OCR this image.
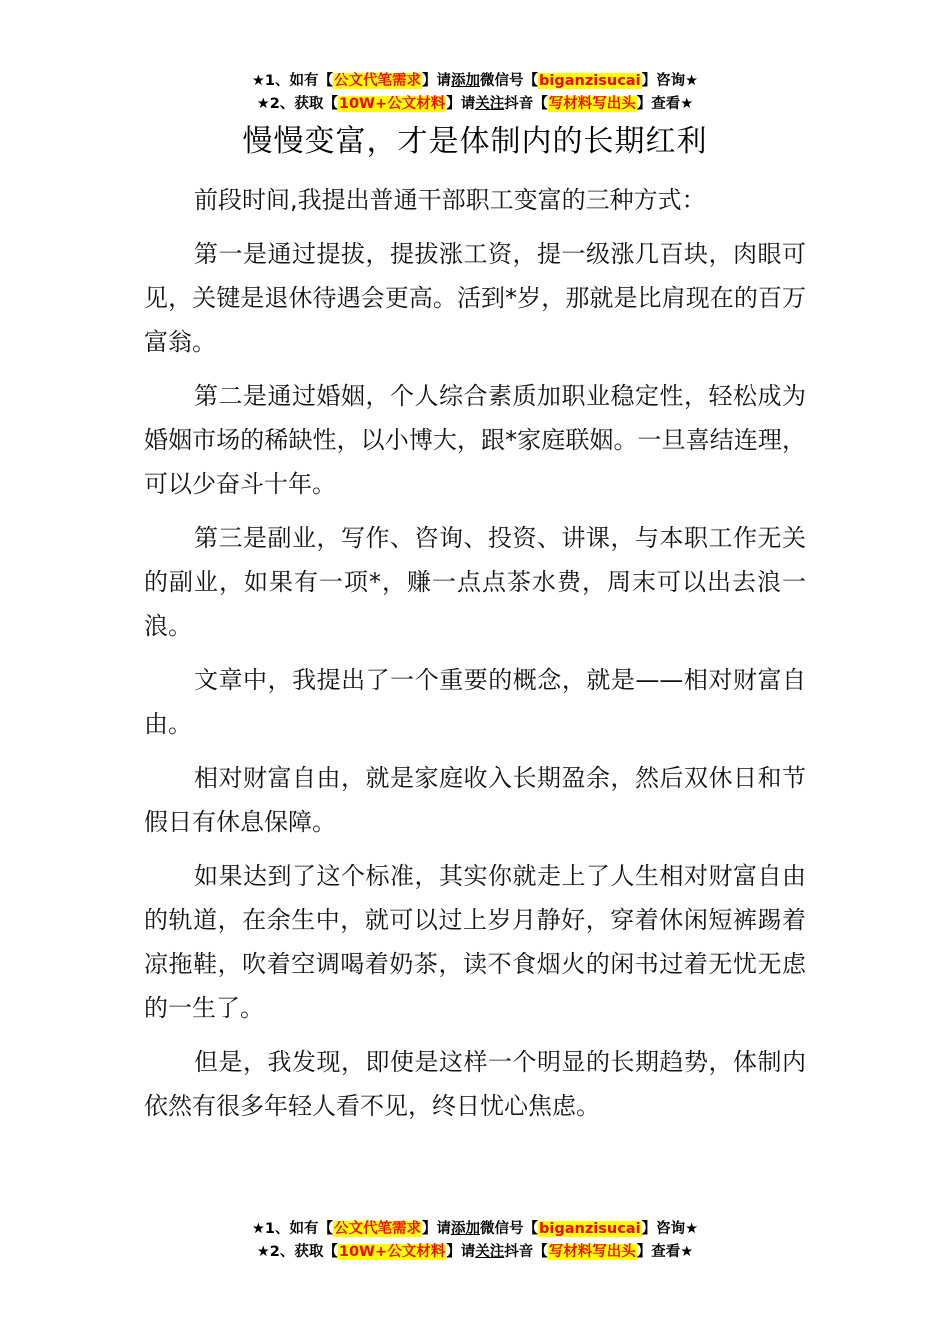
★1、如有【公文代笔需求】请添加微信号【biganzisucai】咨询★
★2、获取【10W+公文材料】请关注抖音【写材料写出头】查看★
慢慢变富，才是体制内的长期红利

前段时间,我提出普通干部职工变富的三种方式：

第一是通过提拔，提拔涨工资，提一级涨几百块，肉眼可见，关键是退休待遇会更高。活到*岁，那就是比肩现在的百万富翁。

第二是通过婚姻，个人综合素质加职业稳定性，轻松成为婚姻市场的稀缺性，以小博大，跟*家庭联姻。一旦喜结连理，可以少奋斗十年。

第三是副业，写作、咨询、投资、讲课，与本职工作无关的副业，如果有一项*，赚一点点茶水费，周末可以出去浪一浪。

文章中，我提出了一个重要的概念，就是——相对财富自由。

相对财富自由，就是家庭收入长期盈余，然后双休日和节假日有休息保障。

如果达到了这个标准，其实你就走上了人生相对财富自由的轨道，在余生中，就可以过上岁月静好，穿着休闲短裤踢着凉拖鞋，吹着空调喝着奶茶，读不食烟火的闲书过着无忧无虑的一生了。

但是，我发现，即使是这样一个明显的长期趋势，体制内依然有很多年轻人看不见，终日忧心焦虑。

★1、如有【公文代笔需求】请添加微信号【biganzisucai】咨询★
★2、获取【10W+公文材料】请关注抖音【写材料写出头】查看★
